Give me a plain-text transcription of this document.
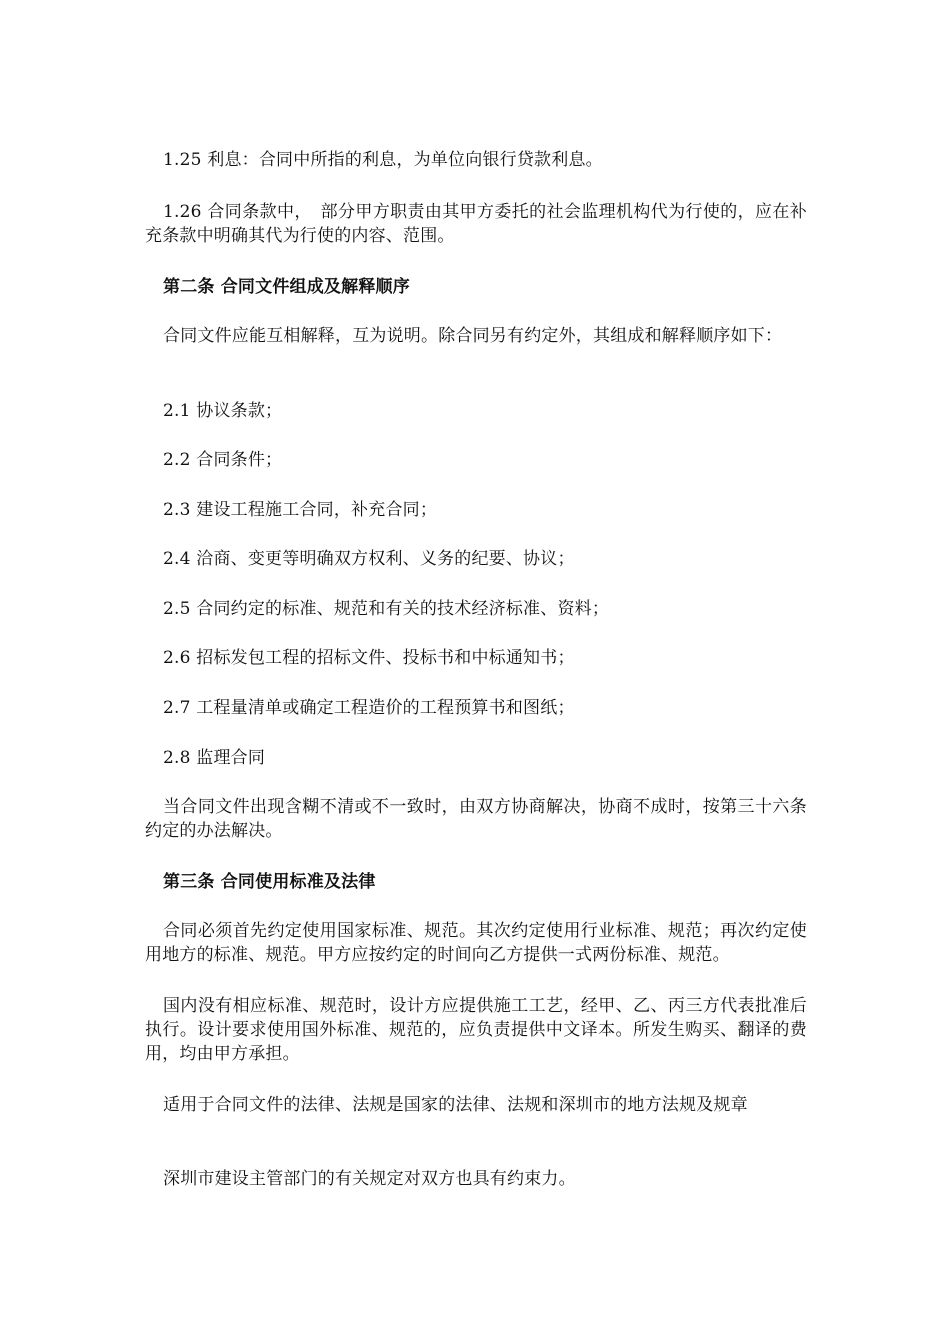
1.25 利息：合同中所指的利息，为单位向银行贷款利息。

1.26 合同条款中，　部分甲方职责由其甲方委托的社会监理机构代为行使的，应在补充条款中明确其代为行使的内容、范围。

第二条 合同文件组成及解释顺序

合同文件应能互相解释，互为说明。除合同另有约定外，其组成和解释顺序如下：

2.1 协议条款；

2.2 合同条件；

2.3 建设工程施工合同，补充合同；

2.4 洽商、变更等明确双方权利、义务的纪要、协议；

2.5 合同约定的标准、规范和有关的技术经济标准、资料；

2.6 招标发包工程的招标文件、投标书和中标通知书；

2.7 工程量清单或确定工程造价的工程预算书和图纸；

2.8 监理合同

当合同文件出现含糊不清或不一致时，由双方协商解决，协商不成时，按第三十六条约定的办法解决。

第三条 合同使用标准及法律

合同必须首先约定使用国家标准、规范。其次约定使用行业标准、规范；再次约定使用地方的标准、规范。甲方应按约定的时间向乙方提供一式两份标准、规范。

国内没有相应标准、规范时，设计方应提供施工工艺，经甲、乙、丙三方代表批准后执行。设计要求使用国外标准、规范的，应负责提供中文译本。所发生购买、翻译的费用，均由甲方承担。

适用于合同文件的法律、法规是国家的法律、法规和深圳市的地方法规及规章

深圳市建设主管部门的有关规定对双方也具有约束力。
